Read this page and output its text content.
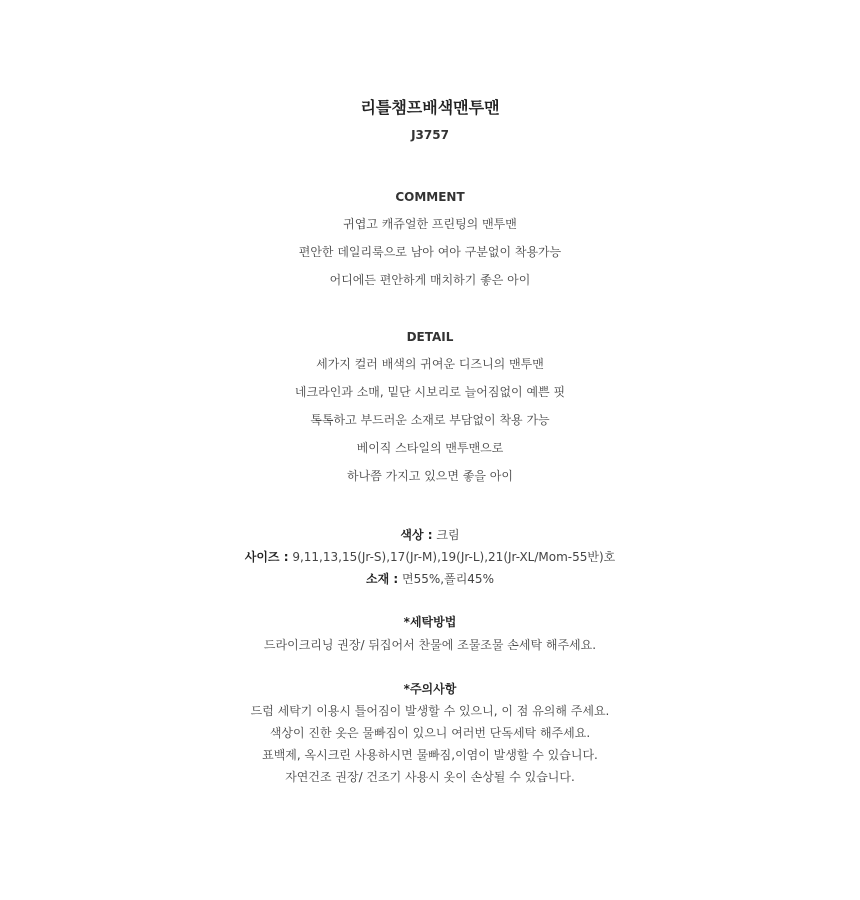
리틀챔프배색맨투맨
J3757
COMMENT
귀엽고 캐쥬얼한 프린팅의 맨투맨
편안한 데일리룩으로 남아 여아 구분없이 착용가능
어디에든 편안하게 매치하기 좋은 아이
DETAIL
세가지 컬러 배색의 귀여운 디즈니의 맨투맨
네크라인과 소매, 밑단 시보리로 늘어짐없이 예쁜 핏
톡톡하고 부드러운 소재로 부담없이 착용 가능
베이직 스타일의 맨투맨으로
하나쯤 가지고 있으면 좋을 아이
색상 : 크림
사이즈 : 9,11,13,15(Jr-S),17(Jr-M),19(Jr-L),21(Jr-XL/Mom-55반)호
소재 : 면55%,폴리45%
*세탁방법
드라이크리닝 권장/ 뒤집어서 찬물에 조물조물 손세탁 해주세요.
*주의사항
드럼 세탁기 이용시 틀어짐이 발생할 수 있으니, 이 점 유의해 주세요.
색상이 진한 옷은 물빠짐이 있으니 여러번 단독세탁 해주세요.
표백제, 옥시크린 사용하시면 물빠짐,이염이 발생할 수 있습니다.
자연건조 권장/ 건조기 사용시 옷이 손상될 수 있습니다.
